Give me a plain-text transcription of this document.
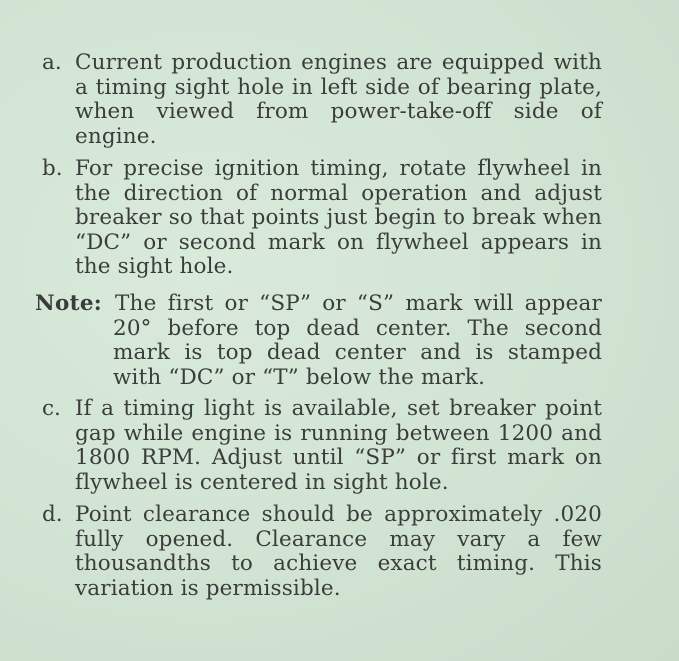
a. Current production engines are equipped with a timing sight hole in left side of bearing plate, when viewed from power-take-off side of engine.
b. For precise ignition timing, rotate flywheel in the direction of normal operation and adjust breaker so that points just begin to break when “DC” or second mark on flywheel appears in the sight hole.
Note: The first or “SP” or “S” mark will appear
20° before top dead center. The second mark is top dead center and is stamped with “DC” or “T” below the mark.
c. If a timing light is available, set breaker point gap while engine is running between 1200 and 1800 RPM. Adjust until “SP” or first mark on flywheel is centered in sight hole.
d. Point clearance should be approximately .020 fully opened. Clearance may vary a few thousandths to achieve exact timing. This variation is permissible.
